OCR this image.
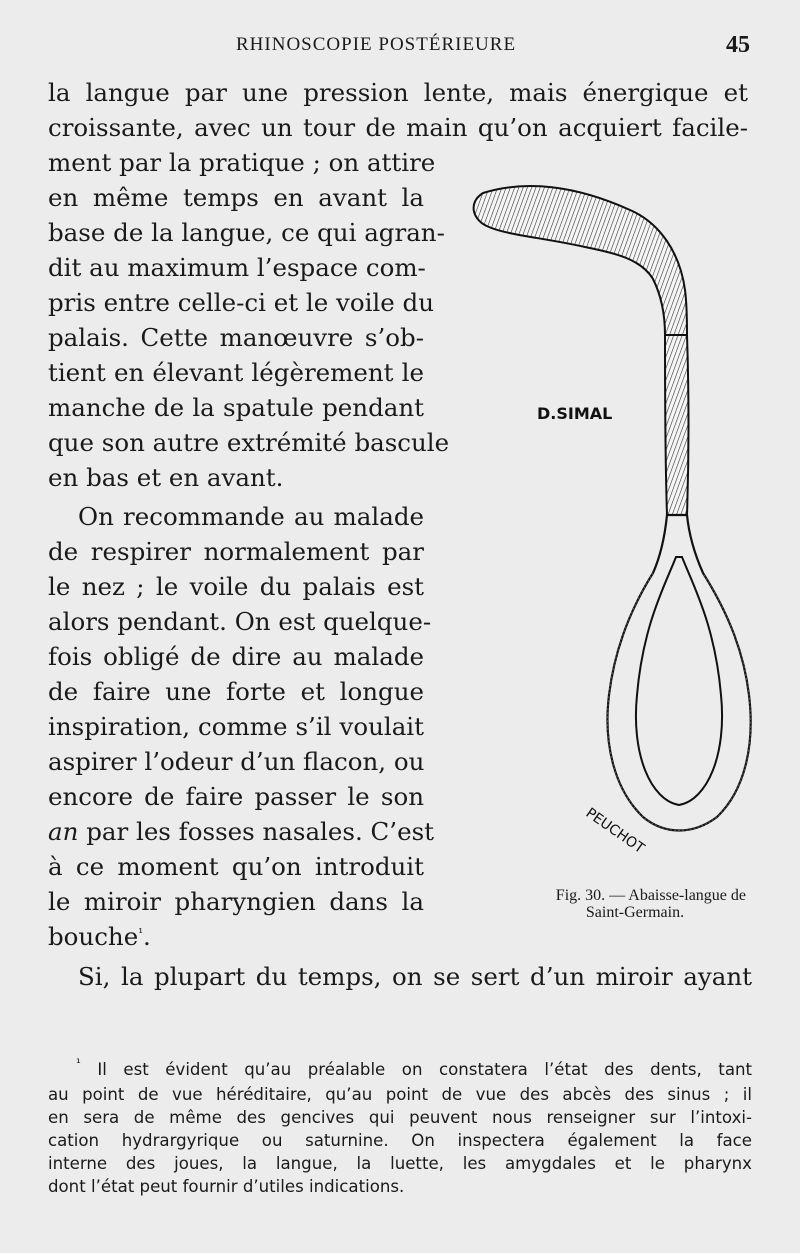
RHINOSCOPIE POSTÉRIEURE	45
la langue par une pression lente, mais énergique et
croissante, avec un tour de main qu’on acquiert facile-
ment par la pratique ; on attire
en même temps en avant la
base de la langue, ce qui agran-
dit au maximum l’espace com-
pris entre celle-ci et le voile du
palais. Cette manœuvre s’ob-
tient en élevant légèrement le
manche de la spatule pendant
que son autre extrémité bascule
en bas et en avant.
On recommande au malade
de respirer normalement par
le nez ; le voile du palais est
alors pendant. On est quelque-
fois obligé de dire au malade
de faire une forte et longue
inspiration, comme s’il voulait
aspirer l’odeur d’un flacon, ou
encore de faire passer le son
an par les fosses nasales. C’est
à ce moment qu’on introduit
le miroir pharyngien dans la
bouche$^{^1}$.
Si, la plupart du temps, on se sert d’un miroir ayant
D.SIMAL
PEUCHOT
Fig. 30. — Abaisse-langue de
Saint-Germain.
$^{^1}$ Il est évident qu’au préalable on constatera l’état des dents, tant
au point de vue héréditaire, qu’au point de vue des abcès des sinus ; il
en sera de même des gencives qui peuvent nous renseigner sur l’intoxi-
cation hydrargyrique ou saturnine. On inspectera également la face
interne des joues, la langue, la luette, les amygdales et le pharynx
dont l’état peut fournir d’utiles indications.
